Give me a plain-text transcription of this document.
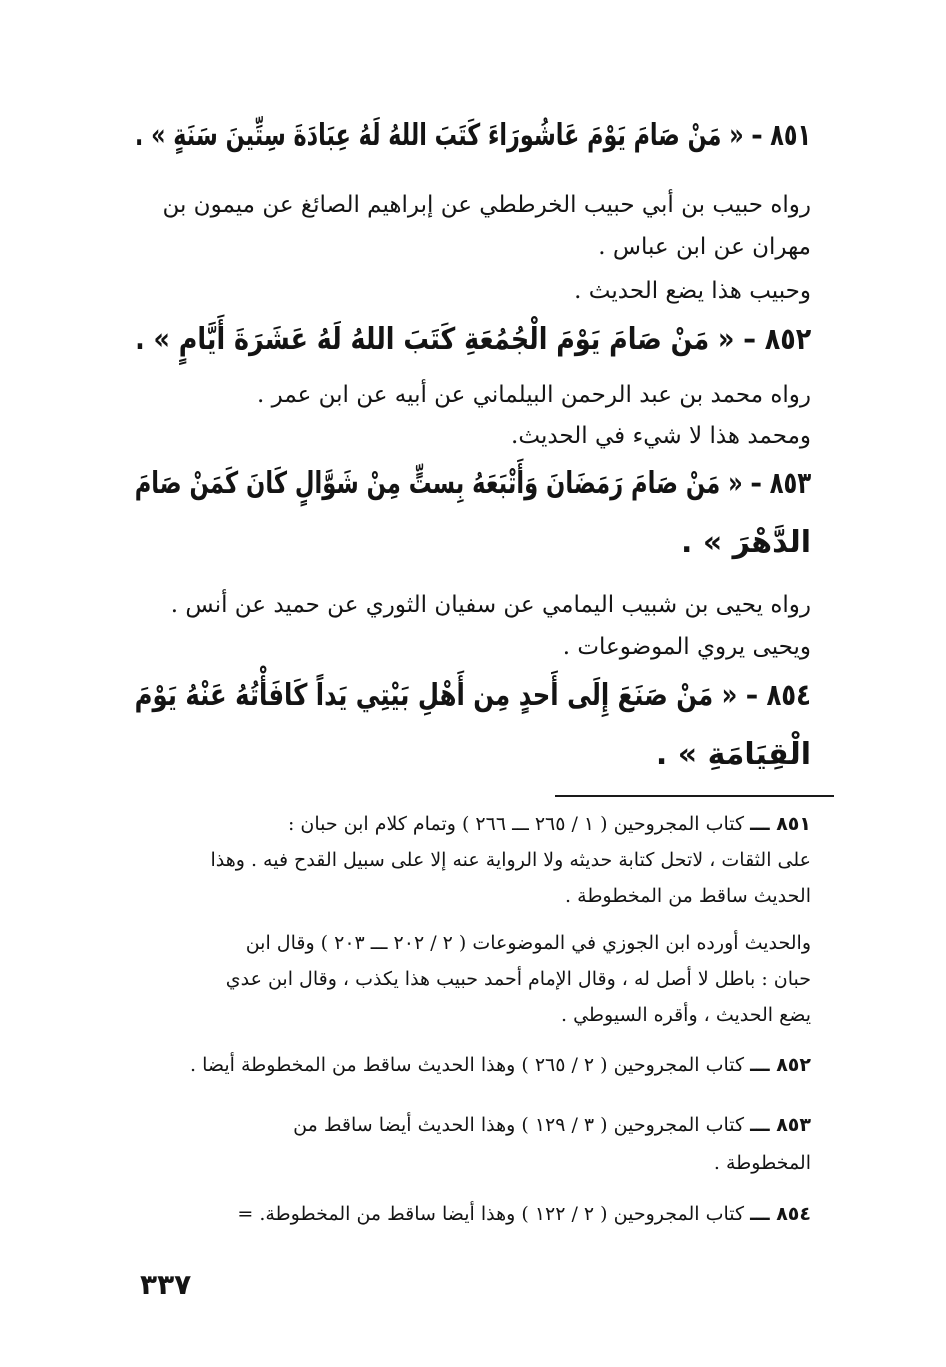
٨٥١ – « مَنْ صَامَ يَوْمَ عَاشُورَاءَ كَتَبَ اللهُ لَهُ عِبَادَةَ سِتِّينَ سَنَةٍ » .
رواه حبيب بن أبي حبيب الخرططي عن إبراهيم الصائغ عن ميمون بن
مهران عن ابن عباس .
وحبيب هذا يضع الحديث .
٨٥٢ – « مَنْ صَامَ يَوْمَ الْجُمُعَةِ كَتَبَ اللهُ لَهُ عَشَرَةَ أَيَّامٍ » .
رواه محمد بن عبد الرحمن البيلماني عن أبيه عن ابن عمر .
ومحمد هذا لا شيء في الحديث.
٨٥٣ – « مَنْ صَامَ رَمَضَانَ وَأَتْبَعَهُ بِستٍّ مِنْ شَوَّالٍ كَانَ كَمَنْ صَامَ
الدَّهْرَ » .
رواه يحيى بن شبيب اليمامي عن سفيان الثوري عن حميد عن أنس .
ويحيى يروي الموضوعات .
٨٥٤ – « مَنْ صَنَعَ إِلَى أَحدٍ مِن أَهْلِ بَيْتِي يَداً كَافَأْتُهُ عَنْهُ يَوْمَ
الْقِيَامَةِ » .
٨٥١ ـــ كتاب المجروحين ( ١ / ٢٦٥ ـــ ٢٦٦ ) وتمام كلام ابن حبان :
على الثقات ، لاتحل كتابة حديثه ولا الرواية عنه إلا على سبيل القدح فيه . وهذا
الحديث ساقط من المخطوطة .
والحديث أورده ابن الجوزي في الموضوعات ( ٢ / ٢٠٢ ـــ ٢٠٣ ) وقال ابن
حبان : باطل لا أصل له ، وقال الإمام أحمد حبيب هذا يكذب ، وقال ابن عدي
يضع الحديث ، وأقره السيوطي .
٨٥٢ ـــ كتاب المجروحين ( ٢ / ٢٦٥ ) وهذا الحديث ساقط من المخطوطة أيضا .
٨٥٣ ـــ كتاب المجروحين ( ٣ / ١٢٩ ) وهذا الحديث أيضا ساقط من
المخطوطة .
٨٥٤ ـــ كتاب المجروحين ( ٢ / ١٢٢ ) وهذا أيضا ساقط من المخطوطة. =
٣٣٧
